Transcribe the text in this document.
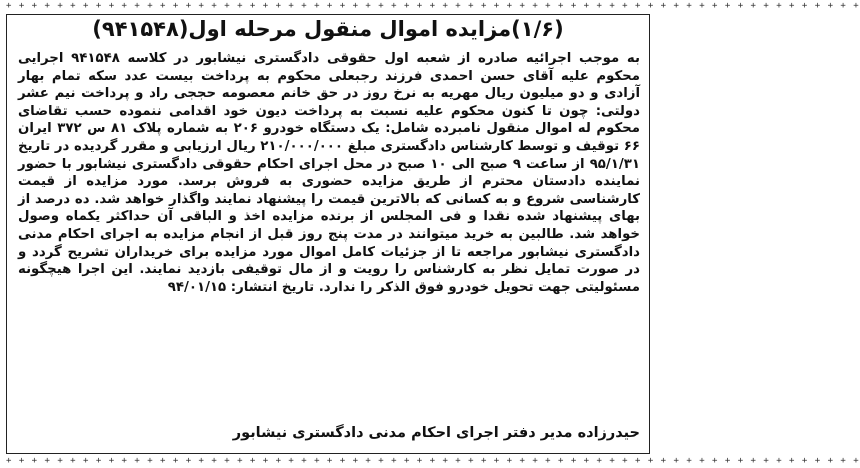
+ + + + + + + + + + + + + + + + + + + + + + + + + + + + + + + + + + + + + + + + + + + + + + + + + + + + + + + + + + + + + + + + + + +
(۱/۶)مزایده اموال منقول مرحله اول(۹۴۱۵۴۸)

به موجب اجرائیه صادره از شعبه اول حقوقی دادگستری نیشابور در کلاسه ۹۴۱۵۴۸ اجرایی محکوم علیه آقای حسن احمدی فرزند رجبعلی محکوم به پرداخت بیست عدد سکه تمام بهار آزادی و دو میلیون ریال مهریه به نرخ روز در حق خانم معصومه حججی راد و پرداخت نیم عشر دولتی: چون تا کنون محکوم علیه نسبت به پرداخت دیون خود اقدامی ننموده حسب تقاضای محکوم له اموال منقول نامبرده شامل: یک دستگاه خودرو ۲۰۶ به شماره پلاک ۸۱ س ۳۷۲ ایران ۶۶ توقیف و توسط کارشناس دادگستری مبلغ ۲۱۰/۰۰۰/۰۰۰ ریال ارزیابی و مقرر گردیده در تاریخ ۹۵/۱/۳۱ از ساعت ۹ صبح الی ۱۰ صبح در محل اجرای احکام حقوقی دادگستری نیشابور با حضور نماینده دادستان محترم از طریق مزایده حضوری به فروش برسد. مورد مزایده از قیمت کارشناسی شروع و به کسانی که بالاترین قیمت را پیشنهاد نمایند واگذار خواهد شد. ده درصد از بهای پیشنهاد شده نقدا و فی المجلس از برنده مزایده اخذ و الباقی آن حداکثر یکماه وصول خواهد شد. طالبین به خرید میتوانند در مدت پنج روز قبل از انجام مزایده به اجرای احکام مدنی دادگستری نیشابور مراجعه تا از جزئیات کامل اموال مورد مزایده برای خریداران تشریح گردد و در صورت تمایل نظر به کارشناس را رویت و از مال توقیفی بازدید نمایند. این اجرا هیچگونه مسئولیتی جهت تحویل خودرو فوق الذکر را ندارد. تاریخ انتشار: ۹۴/۰۱/۱۵

حیدرزاده مدیر دفتر اجرای احکام مدنی دادگستری نیشابور
+ + + + + + + + + + + + + + + + + + + + + + + + + + + + + + + + + + + + + + + + + + + + + + + + + + + + + + + + + + + + + + + + + + +
